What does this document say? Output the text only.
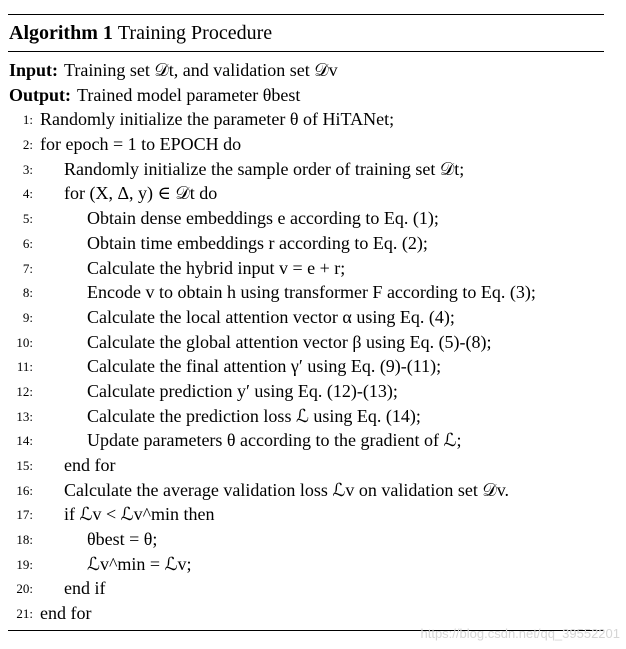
Algorithm 1 Training Procedure
Input: Training set 𝒟t, and validation set 𝒟v
Output: Trained model parameter θbest
1: Randomly initialize the parameter θ of HiTANet;
2: for epoch = 1 to EPOCH do
3: Randomly initialize the sample order of training set 𝒟t;
4: for (X, Δ, y) ∈ 𝒟t do
5:	Obtain dense embeddings e according to Eq. (1);
6:	Obtain time embeddings r according to Eq. (2);
7:	Calculate the hybrid input v = e + r;
8:	Encode v to obtain h using transformer F according to Eq. (3);
9:	Calculate the local attention vector α using Eq. (4);
10:	Calculate the global attention vector β using Eq. (5)-(8);
11:	Calculate the final attention γ′ using Eq. (9)-(11);
12:	Calculate prediction y′ using Eq. (12)-(13);
13:	Calculate the prediction loss ℒ using Eq. (14);
14:	Update parameters θ according to the gradient of ℒ;
15: end for
16: Calculate the average validation loss ℒv on validation set 𝒟v.
17: if ℒv < ℒv^min then
18:	θbest = θ;
19:	ℒv^min = ℒv;
20: end if
21: end for
https://blog.csdn.net/qq_39552201
